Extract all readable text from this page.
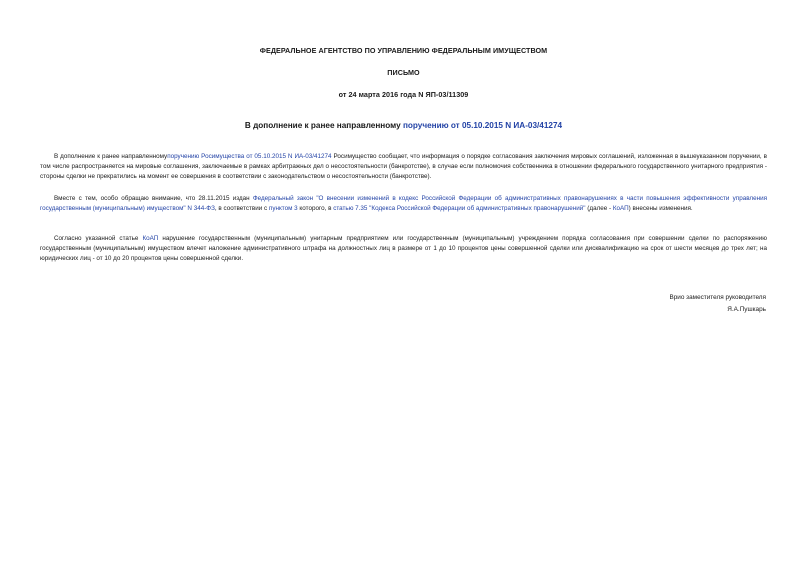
ФЕДЕРАЛЬНОЕ АГЕНТСТВО ПО УПРАВЛЕНИЮ ФЕДЕРАЛЬНЫМ ИМУЩЕСТВОМ
ПИСЬМО
от 24 марта 2016 года N ЯП-03/11309
В дополнение к ранее направленному поручению от 05.10.2015 N ИА-03/41274

В дополнение к ранее направленномупоручению Росимущества от 05.10.2015 N ИА-03/41274 Росимущество сообщает, что информация о порядке согласования заключения мировых соглашений, изложенная в вышеуказанном поручении, в том числе распространяется на мировые соглашения, заключаемые в рамках арбитражных дел о несостоятельности (банкротстве), в случае если полномочия собственника в отношении федерального государственного унитарного предприятия - стороны сделки не прекратились на момент ее совершения в соответствии с законодательством о несостоятельности (банкротстве).

Вместе с тем, особо обращаю внимание, что 28.11.2015 издан Федеральный закон "О внесении изменений в кодекс Российской Федерации об административных правонарушениях в части повышения эффективности управления государственным (муниципальным) имуществом" N 344-ФЗ, в соответствии с пунктом 3 которого, в статью 7.35 "Кодекса Российской Федерации об административных правонарушений" (далее - КоАП) внесены изменения.

Согласно указанной статье КоАП нарушение государственным (муниципальным) унитарным предприятием или государственным (муниципальным) учреждением порядка согласования при совершении сделки по распоряжению государственным (муниципальным) имуществом влечет наложение административного штрафа на должностных лиц в размере от 1 до 10 процентов цены совершенной сделки или дисквалификацию на срок от шести месяцев до трех лет; на юридических лиц - от 10 до 20 процентов цены совершенной сделки.

Врио заместителя руководителя
Я.А.Пушкарь
